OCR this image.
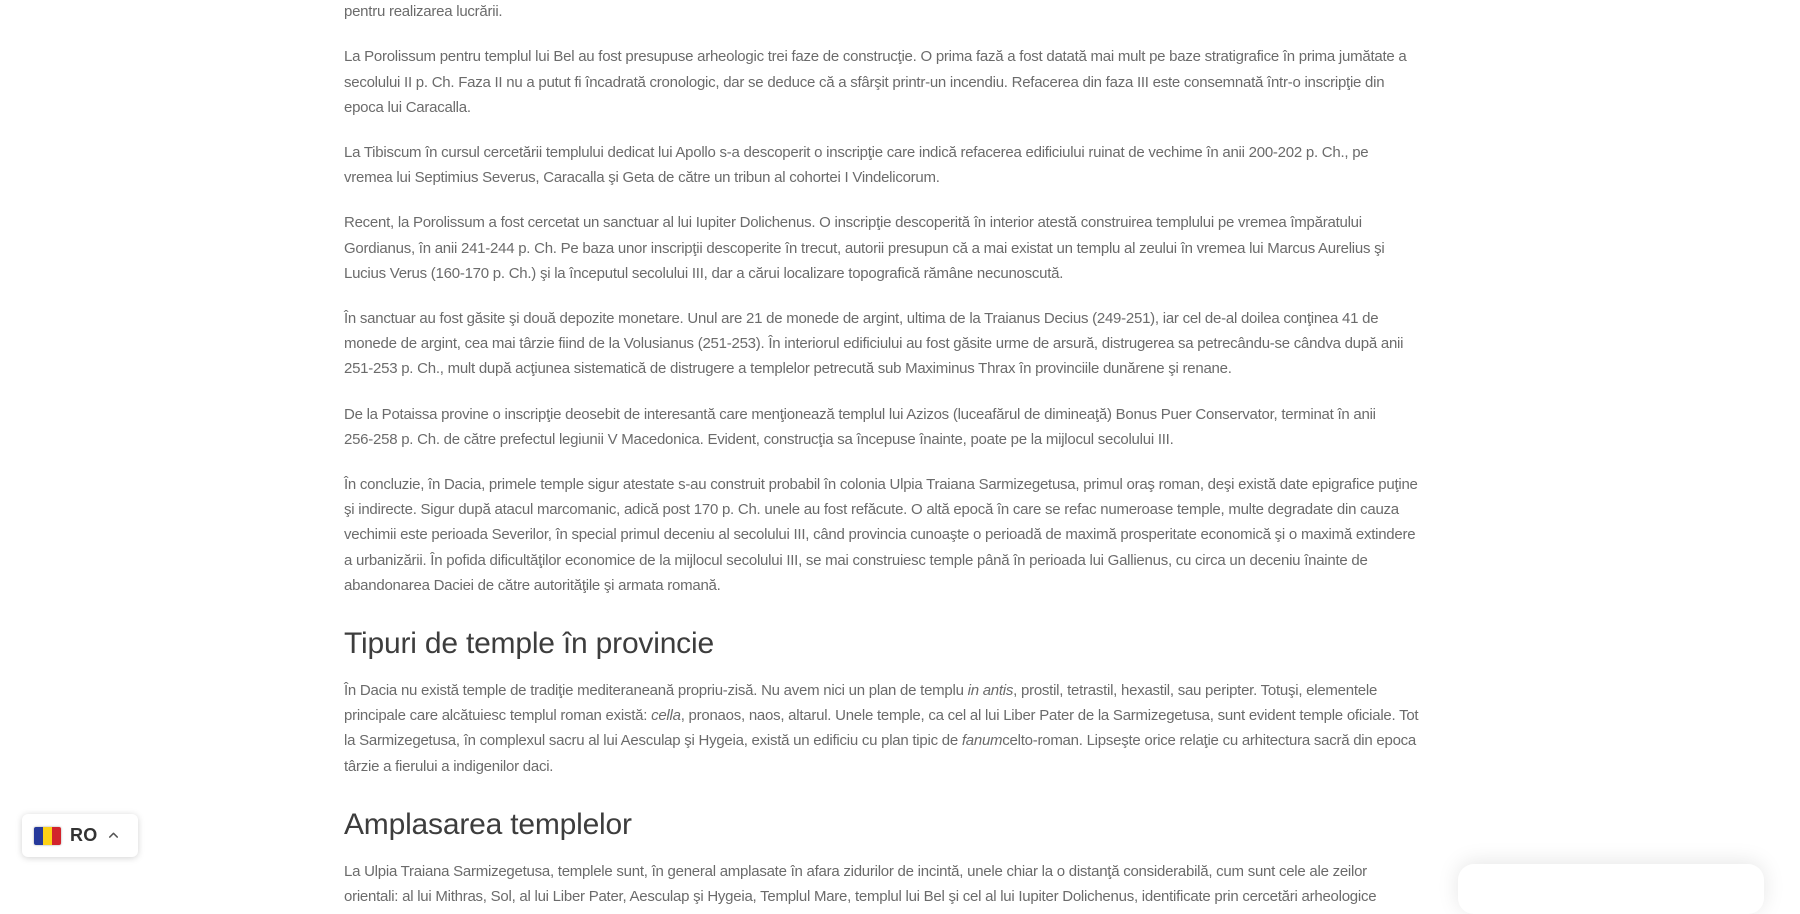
pentru realizarea lucrării.

La Porolissum pentru templul lui Bel au fost presupuse arheologic trei faze de construcţie. O prima fază a fost datată mai mult pe baze stratigrafice în prima jumătate a
secolului II p. Ch. Faza II nu a putut fi încadrată cronologic, dar se deduce că a sfârşit printr-un incendiu. Refacerea din faza III este consemnată într-o inscripţie din
epoca lui Caracalla.

La Tibiscum în cursul cercetării templului dedicat lui Apollo s-a descoperit o inscripţie care indică refacerea edificiului ruinat de vechime în anii 200-202 p. Ch., pe
vremea lui Septimius Severus, Caracalla şi Geta de către un tribun al cohortei I Vindelicorum.

Recent, la Porolissum a fost cercetat un sanctuar al lui Iupiter Dolichenus. O inscripţie descoperită în interior atestă construirea templului pe vremea împăratului
Gordianus, în anii 241-244 p. Ch. Pe baza unor inscripţii descoperite în trecut, autorii presupun că a mai existat un templu al zeului în vremea lui Marcus Aurelius şi
Lucius Verus (160-170 p. Ch.) şi la începutul secolului III, dar a cărui localizare topografică rămâne necunoscută.

În sanctuar au fost găsite şi două depozite monetare. Unul are 21 de monede de argint, ultima de la Traianus Decius (249-251), iar cel de-al doilea conţinea 41 de
monede de argint, cea mai târzie fiind de la Volusianus (251-253). În interiorul edificiului au fost găsite urme de arsură, distrugerea sa petrecându-se cândva după anii
251-253 p. Ch., mult după acţiunea sistematică de distrugere a templelor petrecută sub Maximinus Thrax în provinciile dunărene şi renane.

De la Potaissa provine o inscripţie deosebit de interesantă care menţionează templul lui Azizos (luceafărul de dimineaţă) Bonus Puer Conservator, terminat în anii
256-258 p. Ch. de către prefectul legiunii V Macedonica. Evident, construcţia sa începuse înainte, poate pe la mijlocul secolului III.

În concluzie, în Dacia, primele temple sigur atestate s-au construit probabil în colonia Ulpia Traiana Sarmizegetusa, primul oraş roman, deşi există date epigrafice puţine
şi indirecte. Sigur după atacul marcomanic, adică post 170 p. Ch. unele au fost refăcute. O altă epocă în care se refac numeroase temple, multe degradate din cauza
vechimii este perioada Severilor, în special primul deceniu al secolului III, când provincia cunoaşte o perioadă de maximă prosperitate economică şi o maximă extindere
a urbanizării. În pofida dificultăţilor economice de la mijlocul secolului III, se mai construiesc temple până în perioada lui Gallienus, cu circa un deceniu înainte de
abandonarea Daciei de către autorităţile şi armata romană.

Tipuri de temple în provincie

În Dacia nu există temple de tradiţie mediteraneană propriu-zisă. Nu avem nici un plan de templu in antis, prostil, tetrastil, hexastil, sau peripter. Totuşi, elementele
principale care alcătuiesc templul roman există: cella, pronaos, naos, altarul. Unele temple, ca cel al lui Liber Pater de la Sarmizegetusa, sunt evident temple oficiale. Tot
la Sarmizegetusa, în complexul sacru al lui Aesculap şi Hygeia, există un edificiu cu plan tipic de fanumcelto-roman. Lipseşte orice relaţie cu arhitectura sacră din epoca
târzie a fierului a indigenilor daci.

Amplasarea templelor

La Ulpia Traiana Sarmizegetusa, templele sunt, în general amplasate în afara zidurilor de incintă, unele chiar la o distanţă considerabilă, cum sunt cele ale zeilor
orientali: al lui Mithras, Sol, al lui Liber Pater, Aesculap şi Hygeia, Templul Mare, templul lui Bel şi cel al lui Iupiter Dolichenus, identificate prin cercetări arheologice

RO
